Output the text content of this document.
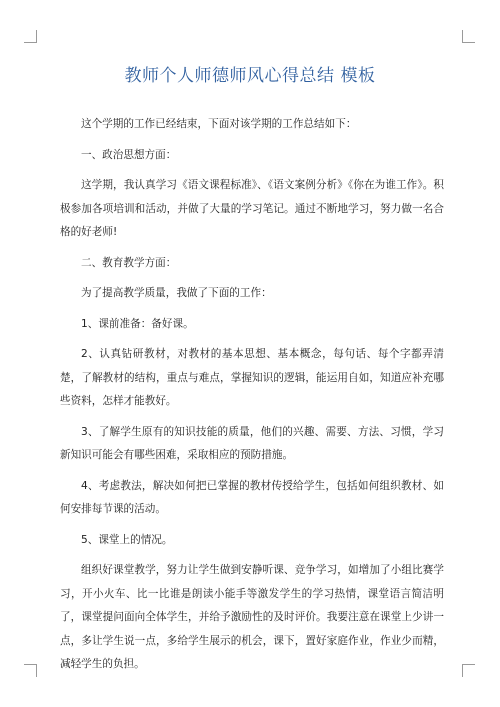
教师个人师德师风心得总结 模板

这个学期的工作已经结束，下面对该学期的工作总结如下：

一、政治思想方面：

这学期，我认真学习《语文课程标准》、《语文案例分析》《你在为谁工作》。积极参加各项培训和活动，并做了大量的学习笔记。通过不断地学习，努力做一名合格的好老师!

二、教育教学方面：

为了提高教学质量，我做了下面的工作：

1、课前准备：备好课。

2、认真钻研教材，对教材的基本思想、基本概念，每句话、每个字都弄清楚，了解教材的结构，重点与难点，掌握知识的逻辑，能运用自如，知道应补充哪些资料，怎样才能教好。

3、了解学生原有的知识技能的质量，他们的兴趣、需要、方法、习惯，学习新知识可能会有哪些困难，采取相应的预防措施。

4、考虑教法，解决如何把已掌握的教材传授给学生，包括如何组织教材、如何安排每节课的活动。

5、课堂上的情况。

组织好课堂教学，努力让学生做到安静听课、竞争学习，如增加了小组比赛学习，开小火车、比一比谁是朗读小能手等激发学生的学习热情，课堂语言简洁明了，课堂提问面向全体学生，并给予激励性的及时评价。我要注意在课堂上少讲一点，多让学生说一点，多给学生展示的机会，课下，置好家庭作业，作业少而精，减轻学生的负担。
